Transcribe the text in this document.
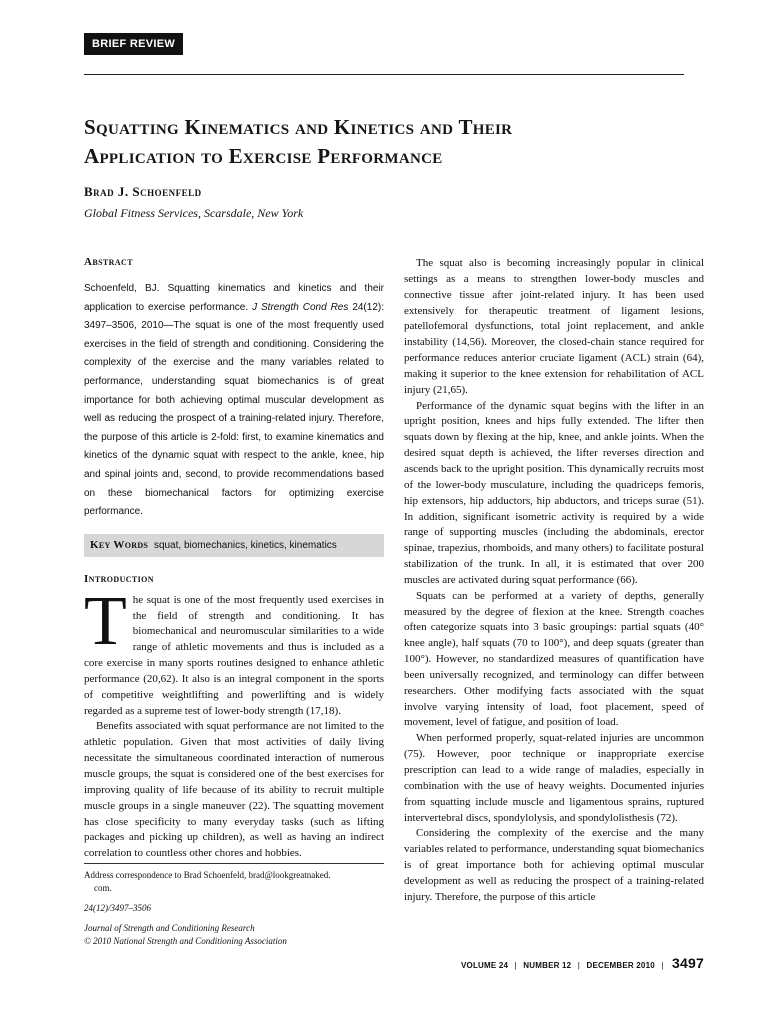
BRIEF REVIEW
Squatting Kinematics and Kinetics and Their
Application to Exercise Performance
Brad J. Schoenfeld
Global Fitness Services, Scarsdale, New York
Abstract

Schoenfeld, BJ. Squatting kinematics and kinetics and their application to exercise performance. J Strength Cond Res 24(12): 3497–3506, 2010—The squat is one of the most frequently used exercises in the field of strength and conditioning. Considering the complexity of the exercise and the many variables related to performance, understanding squat biomechanics is of great importance for both achieving optimal muscular development as well as reducing the prospect of a training-related injury. Therefore, the purpose of this article is 2-fold: first, to examine kinematics and kinetics of the dynamic squat with respect to the ankle, knee, hip and spinal joints and, second, to provide recommendations based on these biomechanical factors for optimizing exercise performance.

Key Words squat, biomechanics, kinetics, kinematics
Introduction

The squat is one of the most frequently used exercises in the field of strength and conditioning. It has biomechanical and neuromuscular similarities to a wide range of athletic movements and thus is included as a core exercise in many sports routines designed to enhance athletic performance (20,62). It also is an integral component in the sports of competitive weightlifting and powerlifting and is widely regarded as a supreme test of lower-body strength (17,18).

Benefits associated with squat performance are not limited to the athletic population. Given that most activities of daily living necessitate the simultaneous coordinated interaction of numerous muscle groups, the squat is considered one of the best exercises for improving quality of life because of its ability to recruit multiple muscle groups in a single maneuver (22). The squatting movement has close specificity to many everyday tasks (such as lifting packages and picking up children), as well as having an indirect correlation to countless other chores and hobbies.

Address correspondence to Brad Schoenfeld, brad@lookgreatnaked.
com.
24(12)/3497–3506
Journal of Strength and Conditioning Research
© 2010 National Strength and Conditioning Association

The squat also is becoming increasingly popular in clinical settings as a means to strengthen lower-body muscles and connective tissue after joint-related injury. It has been used extensively for therapeutic treatment of ligament lesions, patellofemoral dysfunctions, total joint replacement, and ankle instability (14,56). Moreover, the closed-chain stance required for performance reduces anterior cruciate ligament (ACL) strain (64), making it superior to the knee extension for rehabilitation of ACL injury (21,65).

Performance of the dynamic squat begins with the lifter in an upright position, knees and hips fully extended. The lifter then squats down by flexing at the hip, knee, and ankle joints. When the desired squat depth is achieved, the lifter reverses direction and ascends back to the upright position. This dynamically recruits most of the lower-body musculature, including the quadriceps femoris, hip extensors, hip adductors, hip abductors, and triceps surae (51). In addition, significant isometric activity is required by a wide range of supporting muscles (including the abdominals, erector spinae, trapezius, rhomboids, and many others) to facilitate postural stabilization of the trunk. In all, it is estimated that over 200 muscles are activated during squat performance (66).

Squats can be performed at a variety of depths, generally measured by the degree of flexion at the knee. Strength coaches often categorize squats into 3 basic groupings: partial squats (40° knee angle), half squats (70 to 100°), and deep squats (greater than 100°). However, no standardized measures of quantification have been universally recognized, and terminology can differ between researchers. Other modifying facts associated with the squat involve varying intensity of load, foot placement, speed of movement, level of fatigue, and position of load.

When performed properly, squat-related injuries are uncommon (75). However, poor technique or inappropriate exercise prescription can lead to a wide range of maladies, especially in combination with the use of heavy weights. Documented injuries from squatting include muscle and ligamentous sprains, ruptured intervertebral discs, spondylolysis, and spondylolisthesis (72).

Considering the complexity of the exercise and the many variables related to performance, understanding squat biomechanics is of great importance both for achieving optimal muscular development as well as reducing the prospect of a training-related injury. Therefore, the purpose of this article

VOLUME 24 | NUMBER 12 | DECEMBER 2010 | 3497
